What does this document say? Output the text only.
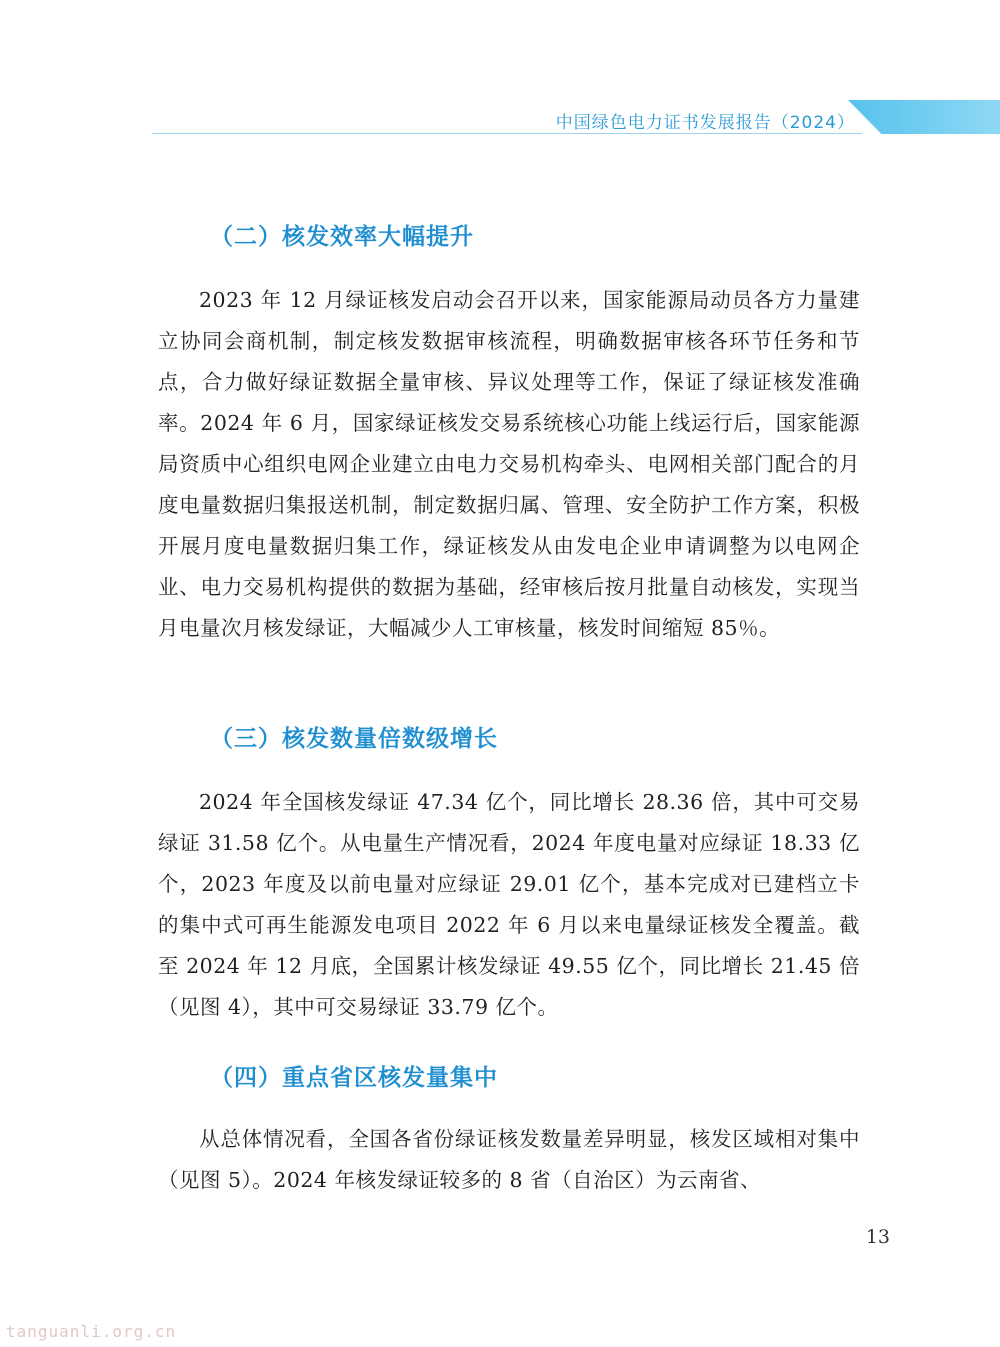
中国绿色电力证书发展报告（2024）
（二）核发效率大幅提升

2023 年 12 月绿证核发启动会召开以来，国家能源局动员各方力量建立协同会商机制，制定核发数据审核流程，明确数据审核各环节任务和节点，合力做好绿证数据全量审核、异议处理等工作，保证了绿证核发准确率。2024 年 6 月，国家绿证核发交易系统核心功能上线运行后，国家能源局资质中心组织电网企业建立由电力交易机构牵头、电网相关部门配合的月度电量数据归集报送机制，制定数据归属、管理、安全防护工作方案，积极开展月度电量数据归集工作，绿证核发从由发电企业申请调整为以电网企业、电力交易机构提供的数据为基础，经审核后按月批量自动核发，实现当月电量次月核发绿证，大幅减少人工审核量，核发时间缩短 85％。

（三）核发数量倍数级增长

2024 年全国核发绿证 47.34 亿个，同比增长 28.36 倍，其中可交易绿证 31.58 亿个。从电量生产情况看，2024 年度电量对应绿证 18.33 亿个，2023 年度及以前电量对应绿证 29.01 亿个，基本完成对已建档立卡的集中式可再生能源发电项目 2022 年 6 月以来电量绿证核发全覆盖。截至 2024 年 12 月底，全国累计核发绿证 49.55 亿个，同比增长 21.45 倍（见图 4），其中可交易绿证 33.79 亿个。

（四）重点省区核发量集中

从总体情况看，全国各省份绿证核发数量差异明显，核发区域相对集中（见图 5）。2024 年核发绿证较多的 8 省（自治区）为云南省、

13
tanguanli.org.cn
